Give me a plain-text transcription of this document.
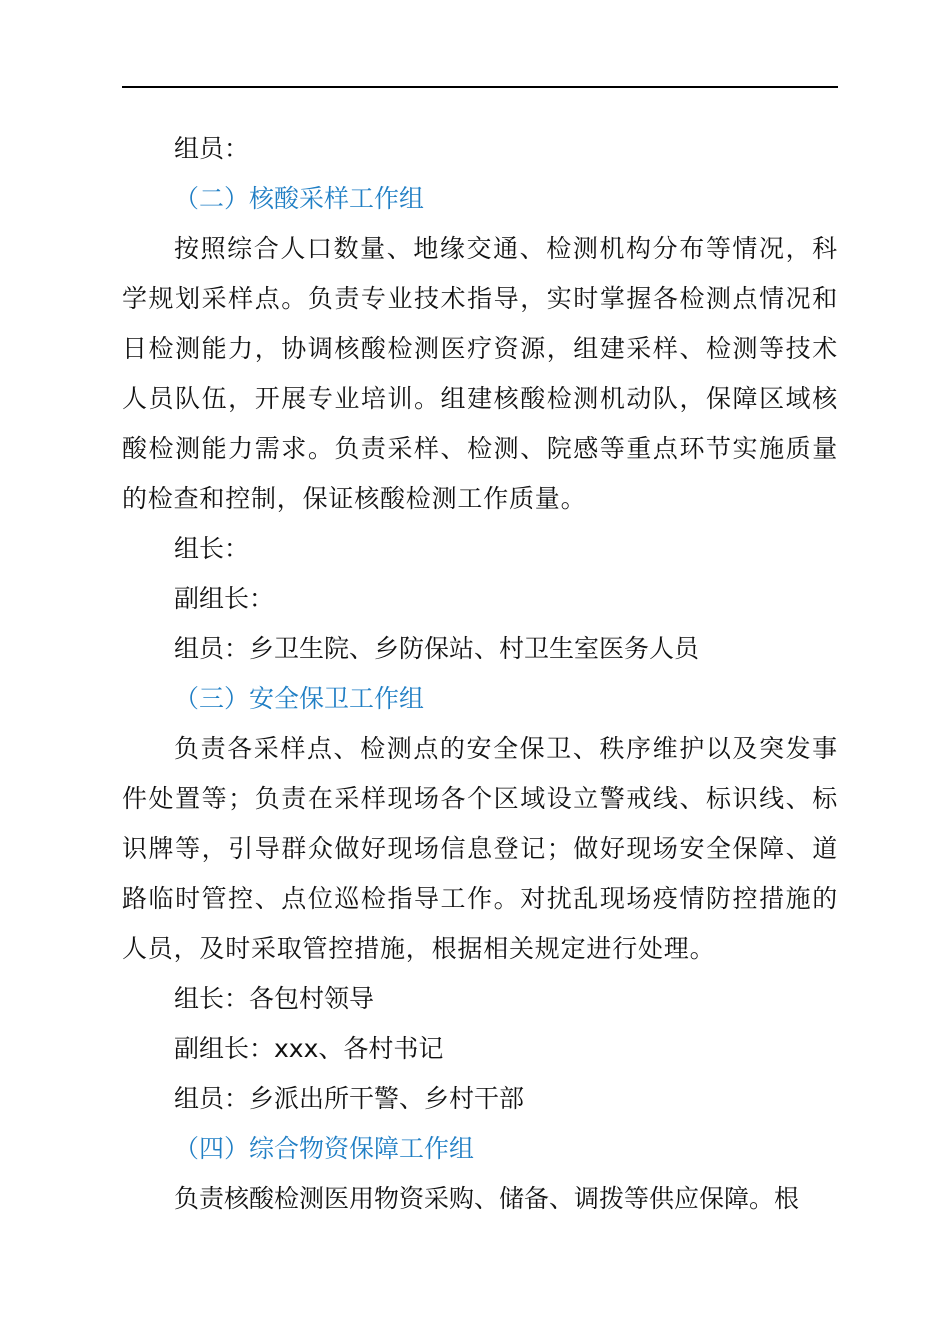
组员：
（二）核酸采样工作组
按照综合人口数量、地缘交通、检测机构分布等情况，科学规划采样点。负责专业技术指导，实时掌握各检测点情况和日检测能力，协调核酸检测医疗资源，组建采样、检测等技术人员队伍，开展专业培训。组建核酸检测机动队，保障区域核酸检测能力需求。负责采样、检测、院感等重点环节实施质量的检查和控制，保证核酸检测工作质量。
组长：
副组长：
组员：乡卫生院、乡防保站、村卫生室医务人员
（三）安全保卫工作组
负责各采样点、检测点的安全保卫、秩序维护以及突发事件处置等；负责在采样现场各个区域设立警戒线、标识线、标识牌等，引导群众做好现场信息登记；做好现场安全保障、道路临时管控、点位巡检指导工作。对扰乱现场疫情防控措施的人员，及时采取管控措施，根据相关规定进行处理。
组长：各包村领导
副组长：xxx、各村书记
组员：乡派出所干警、乡村干部
（四）综合物资保障工作组
负责核酸检测医用物资采购、储备、调拨等供应保障。根
